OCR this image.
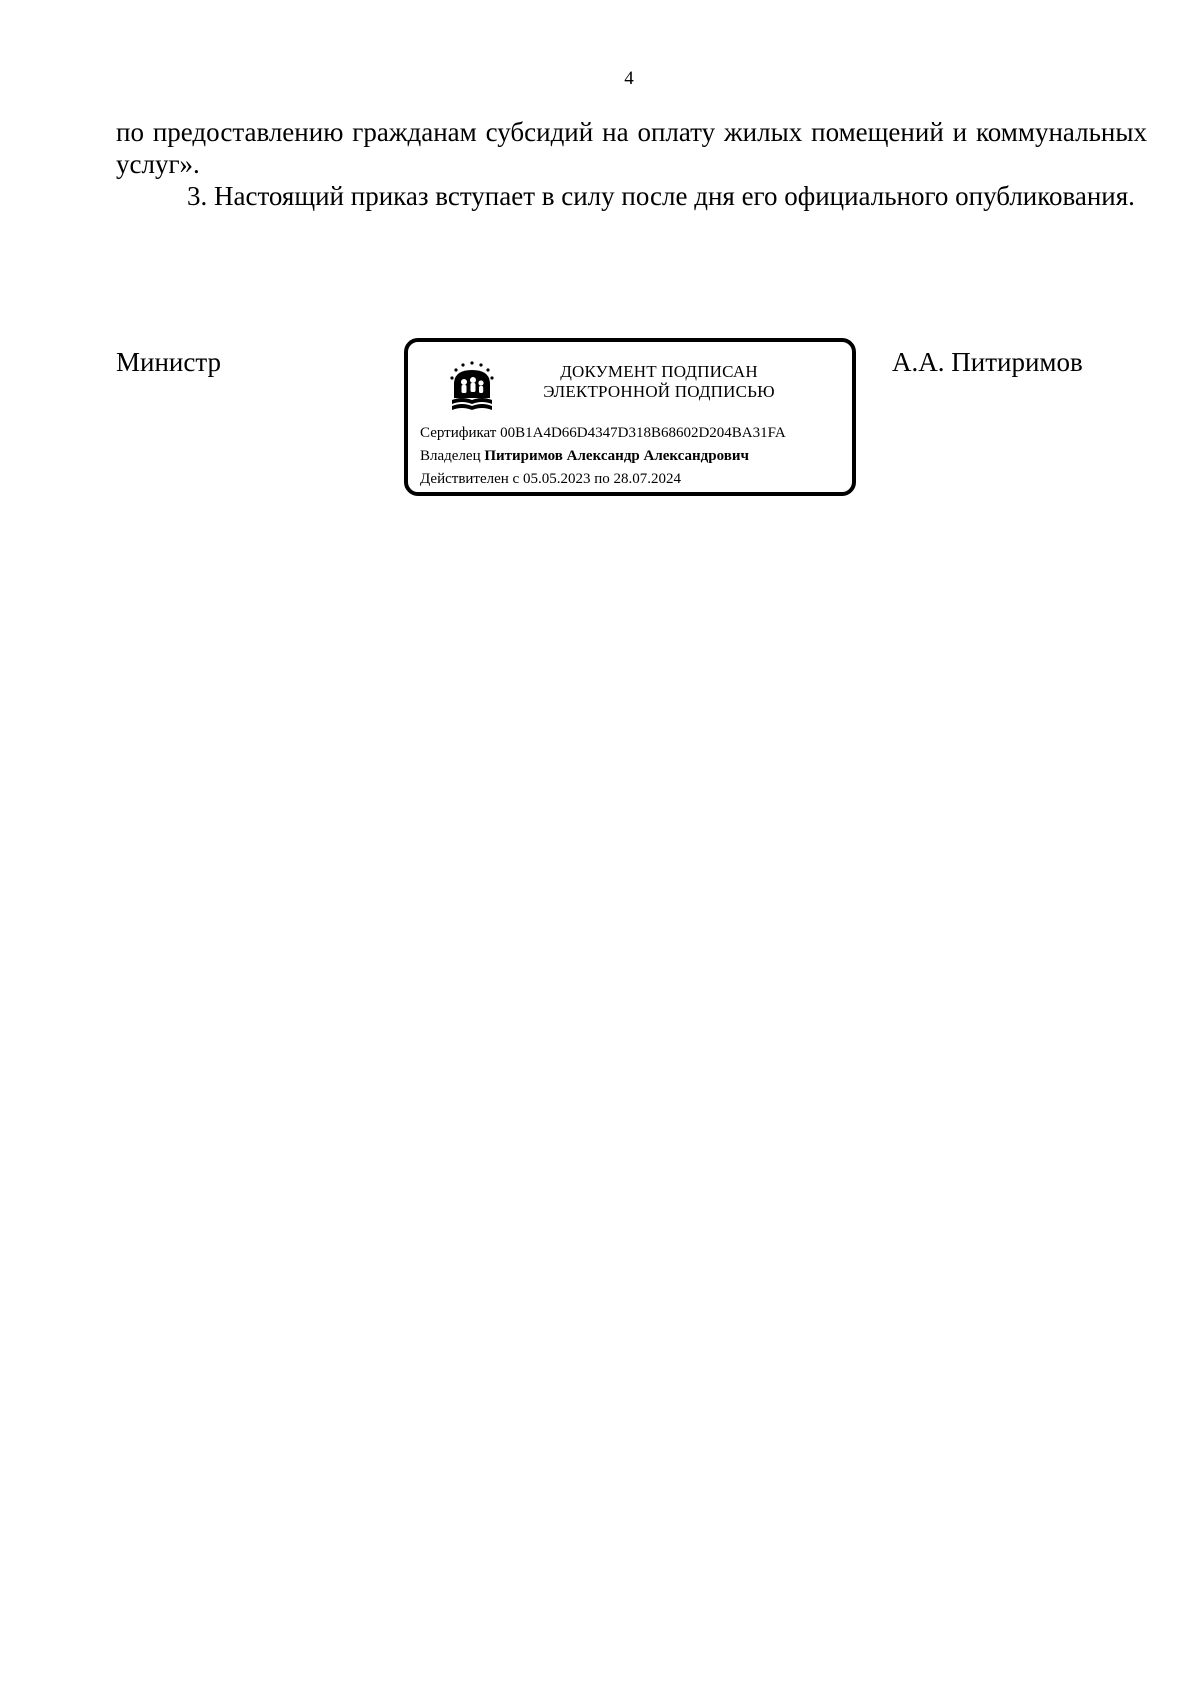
4

по предоставлению гражданам субсидий на оплату жилых помещений и коммунальных услуг».

3. Настоящий приказ вступает в силу после дня его официального опубликования.

Министр	ДОКУМЕНТ ПОДПИСАН
ЭЛЕКТРОННОЙ ПОДПИСЬЮ
Сертификат 00B1A4D66D4347D318B68602D204BA31FA
Владелец Питиримов Александр Александрович
Действителен с 05.05.2023 по 28.07.2024
А.А. Питиримов
